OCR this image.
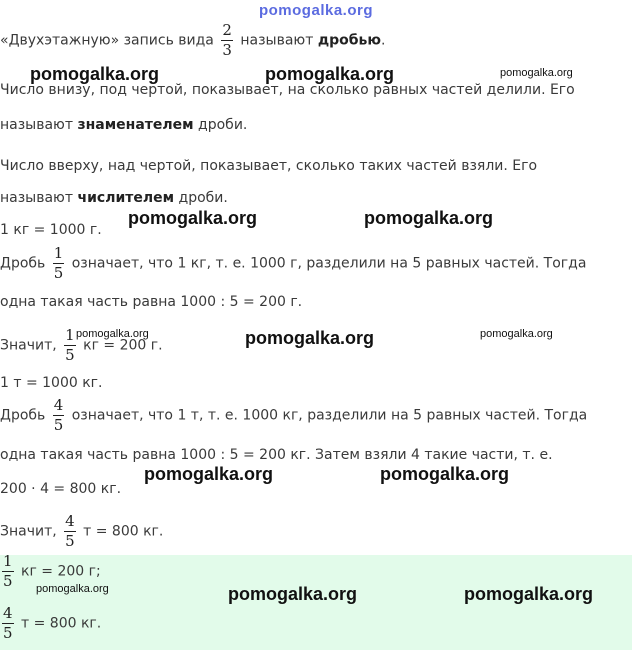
pomogalka.org
«Двухэтажную» запись вида $\frac{2}{3}$ называют дробью.
Число внизу, под чертой, показывает, на сколько равных частей делили. Его
называют знаменателем дроби.
Число вверху, над чертой, показывает, сколько таких частей взяли. Его
называют числителем дроби.
1 кг = 1000 г.
Дробь $\frac{1}{5}$ означает, что 1 кг, т. е. 1000 г, разделили на 5 равных частей. Тогда
одна такая часть равна 1000 : 5 = 200 г.
Значит, $\frac{1}{5}$ кг = 200 г.
1 т = 1000 кг.
Дробь $\frac{4}{5}$ означает, что 1 т, т. е. 1000 кг, разделили на 5 равных частей. Тогда
одна такая часть равна 1000 : 5 = 200 кг. Затем взяли 4 такие части, т. е.
200 · 4 = 800 кг.
Значит, $\frac{4}{5}$ т = 800 кг.
$\frac{1}{5}$ кг = 200 г;
$\frac{4}{5}$ т = 800 кг.
pomogalka.org	pomogalka.org	pomogalka.org
pomogalka.org	pomogalka.org
pomogalka.org	pomogalka.org	pomogalka.org
pomogalka.org	pomogalka.org
pomogalka.org	pomogalka.org	pomogalka.org
